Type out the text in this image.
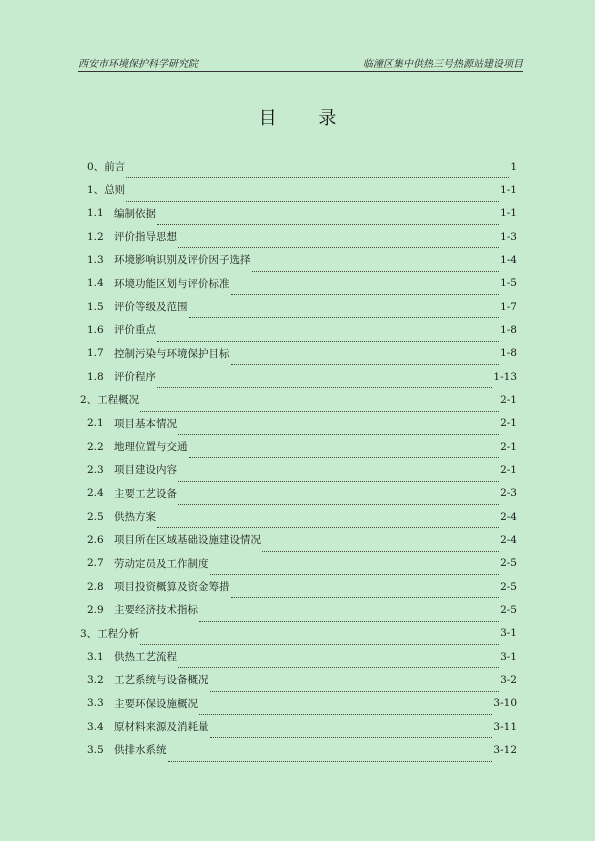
西安市环境保护科学研究院	临潼区集中供热三号热源站建设项目
目 录
0、 前言	1
1、 总则	1-1
1.1 编制依据	1-1
1.2 评价指导思想	1-3
1.3 环境影响识别及评价因子选择	1-4
1.4 环境功能区划与评价标准	1-5
1.5 评价等级及范围	1-7
1.6 评价重点	1-8
1.7 控制污染与环境保护目标	1-8
1.8 评价程序	1-13
2、 工程概况	2-1
2.1 项目基本情况	2-1
2.2 地理位置与交通	2-1
2.3 项目建设内容	2-1
2.4 主要工艺设备	2-3
2.5 供热方案	2-4
2.6 项目所在区域基础设施建设情况	2-4
2.7 劳动定员及工作制度	2-5
2.8 项目投资概算及资金筹措	2-5
2.9 主要经济技术指标	2-5
3、 工程分析	3-1
3.1 供热工艺流程	3-1
3.2 工艺系统与设备概况	3-2
3.3 主要环保设施概况	3-10
3.4 原材料来源及消耗量	3-11
3.5 供排水系统	3-12
